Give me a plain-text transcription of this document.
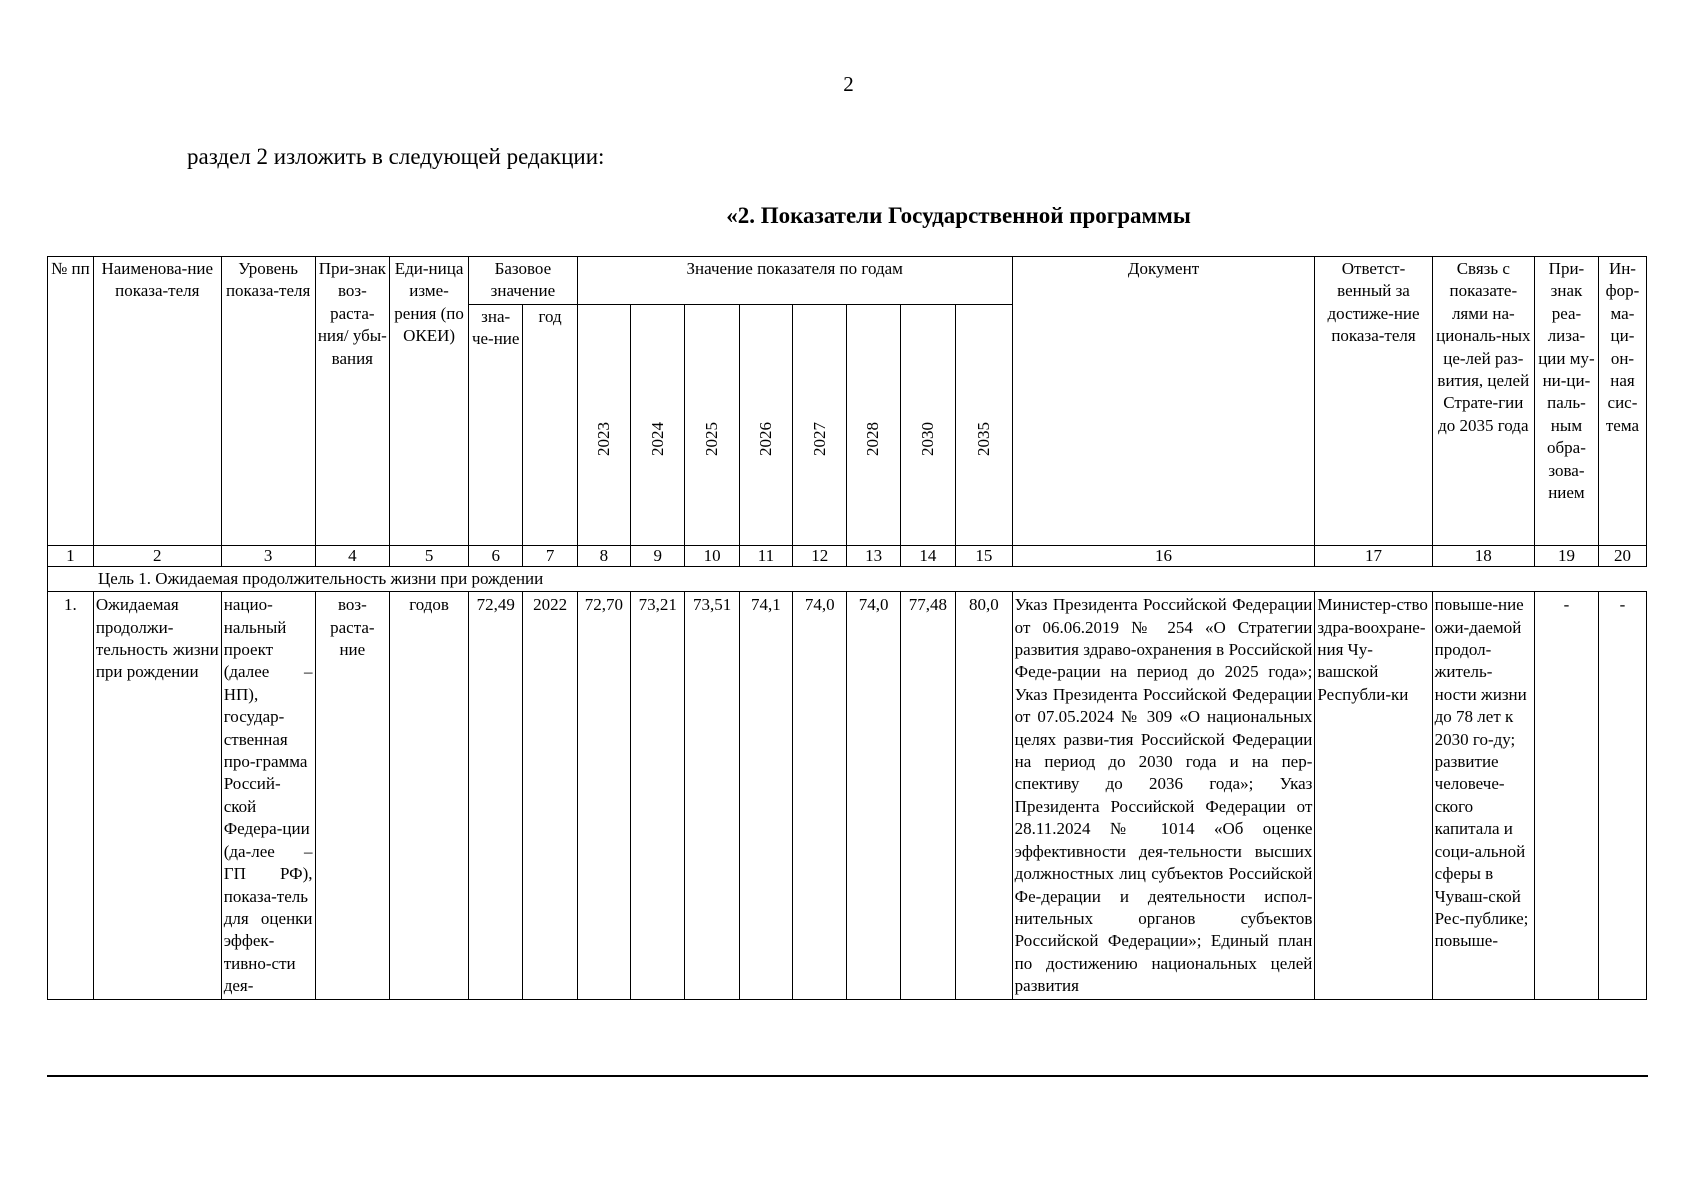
2
раздел 2 изложить в следующей редакции:
«2. Показатели Государственной программы
№ пп	Наименова-ние показа-теля	Уровень показа-теля	При-знак воз-раста-ния/ убы-вания	Еди-ница изме-рения (по ОКЕИ)	Базовое значение		Значение показателя по годам								Документ	Ответст-венный за достиже-ние показа-теля	Связь с показате-лями на-циональ-ных це-лей раз-вития, целей Страте-гии до 2035 года	При-знак реа-лиза-ции му-ни-ци-паль-ным обра-зова-нием	Ин-фор-ма-ци-он-ная сис-тема
					зна-че-ние	год	2023	2024	2025	2026	2027	2028	2030	2035					
1	2	3	4	5	6	7	8	9	10	11	12	13	14	15	16	17	18	19	20
Цель 1. Ожидаемая продолжительность жизни при рождении																			
1.	Ожидаемая продолжи-тельность жизни при рождении	нацио-нальный проект (далее – НП), государ-ственная про-грамма Россий-ской Федера-ции (да-лее – ГП РФ), показа-тель для оценки эффек-тивно-сти дея-	воз-раста-ние	годов	72,49	2022	72,70	73,21	73,51	74,1	74,0	74,0	77,48	80,0	Указ Президента Российской Федерации от 06.06.2019 № 254 «О Стратегии развития здраво-охранения в Российской Феде-рации на период до 2025 года»; Указ Президента Российской Федерации от 07.05.2024 № 309 «О национальных целях разви-тия Российской Федерации на период до 2030 года и на пер-спективу до 2036 года»; Указ Президента Российской Федерации от 28.11.2024 № 1014 «Об оценке эффективности дея-тельности высших должностных лиц субъектов Российской Фе-дерации и деятельности испол-нительных органов субъектов Российской Федерации»; Единый план по достижению национальных целей развития	Министер-ство здра-воохране-ния Чу-вашской Республи-ки	повыше-ние ожи-даемой продол-житель-ности жизни до 78 лет к 2030 го-ду; развитие человече-ского капитала и соци-альной сферы в Чуваш-ской Рес-публике; повыше-	-	-
